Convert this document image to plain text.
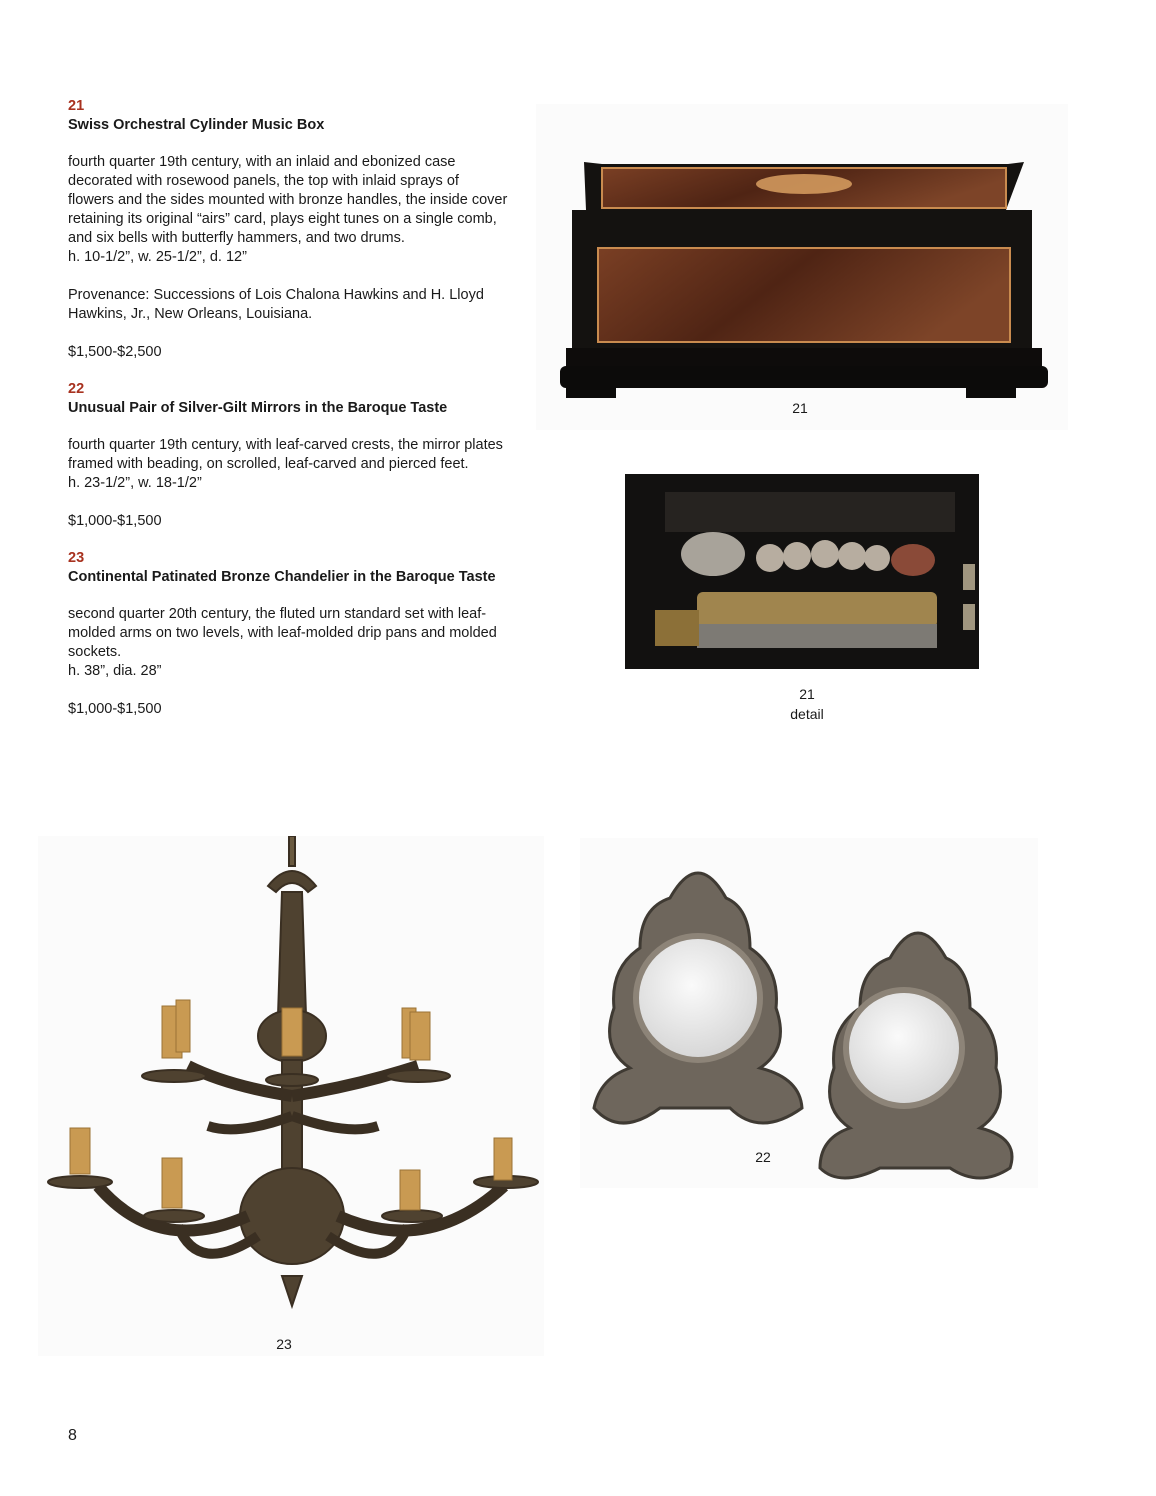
21
Swiss Orchestral Cylinder Music Box
fourth quarter 19th century, with an inlaid and ebonized case decorated with rosewood panels, the top with inlaid sprays of flowers and the sides mounted with bronze handles, the inside cover retaining its original “airs” card, plays eight tunes on a single comb, and six bells with butterfly hammers, and two drums.
h. 10-1/2”, w. 25-1/2”, d. 12”
Provenance: Successions of Lois Chalona Hawkins and H. Lloyd Hawkins, Jr., New Orleans, Louisiana.
$1,500-$2,500
22
Unusual Pair of Silver-Gilt Mirrors in the Baroque Taste
fourth quarter 19th century, with leaf-carved crests, the mirror plates framed with beading, on scrolled, leaf-carved and pierced feet.
h. 23-1/2”, w. 18-1/2”
$1,000-$1,500
23
Continental Patinated Bronze Chandelier in the Baroque Taste
second quarter 20th century, the fluted urn standard set with leaf-molded arms on two levels, with leaf-molded drip pans and molded sockets.
h. 38”, dia. 28”
$1,000-$1,500
21
21
detail
23
22
8
